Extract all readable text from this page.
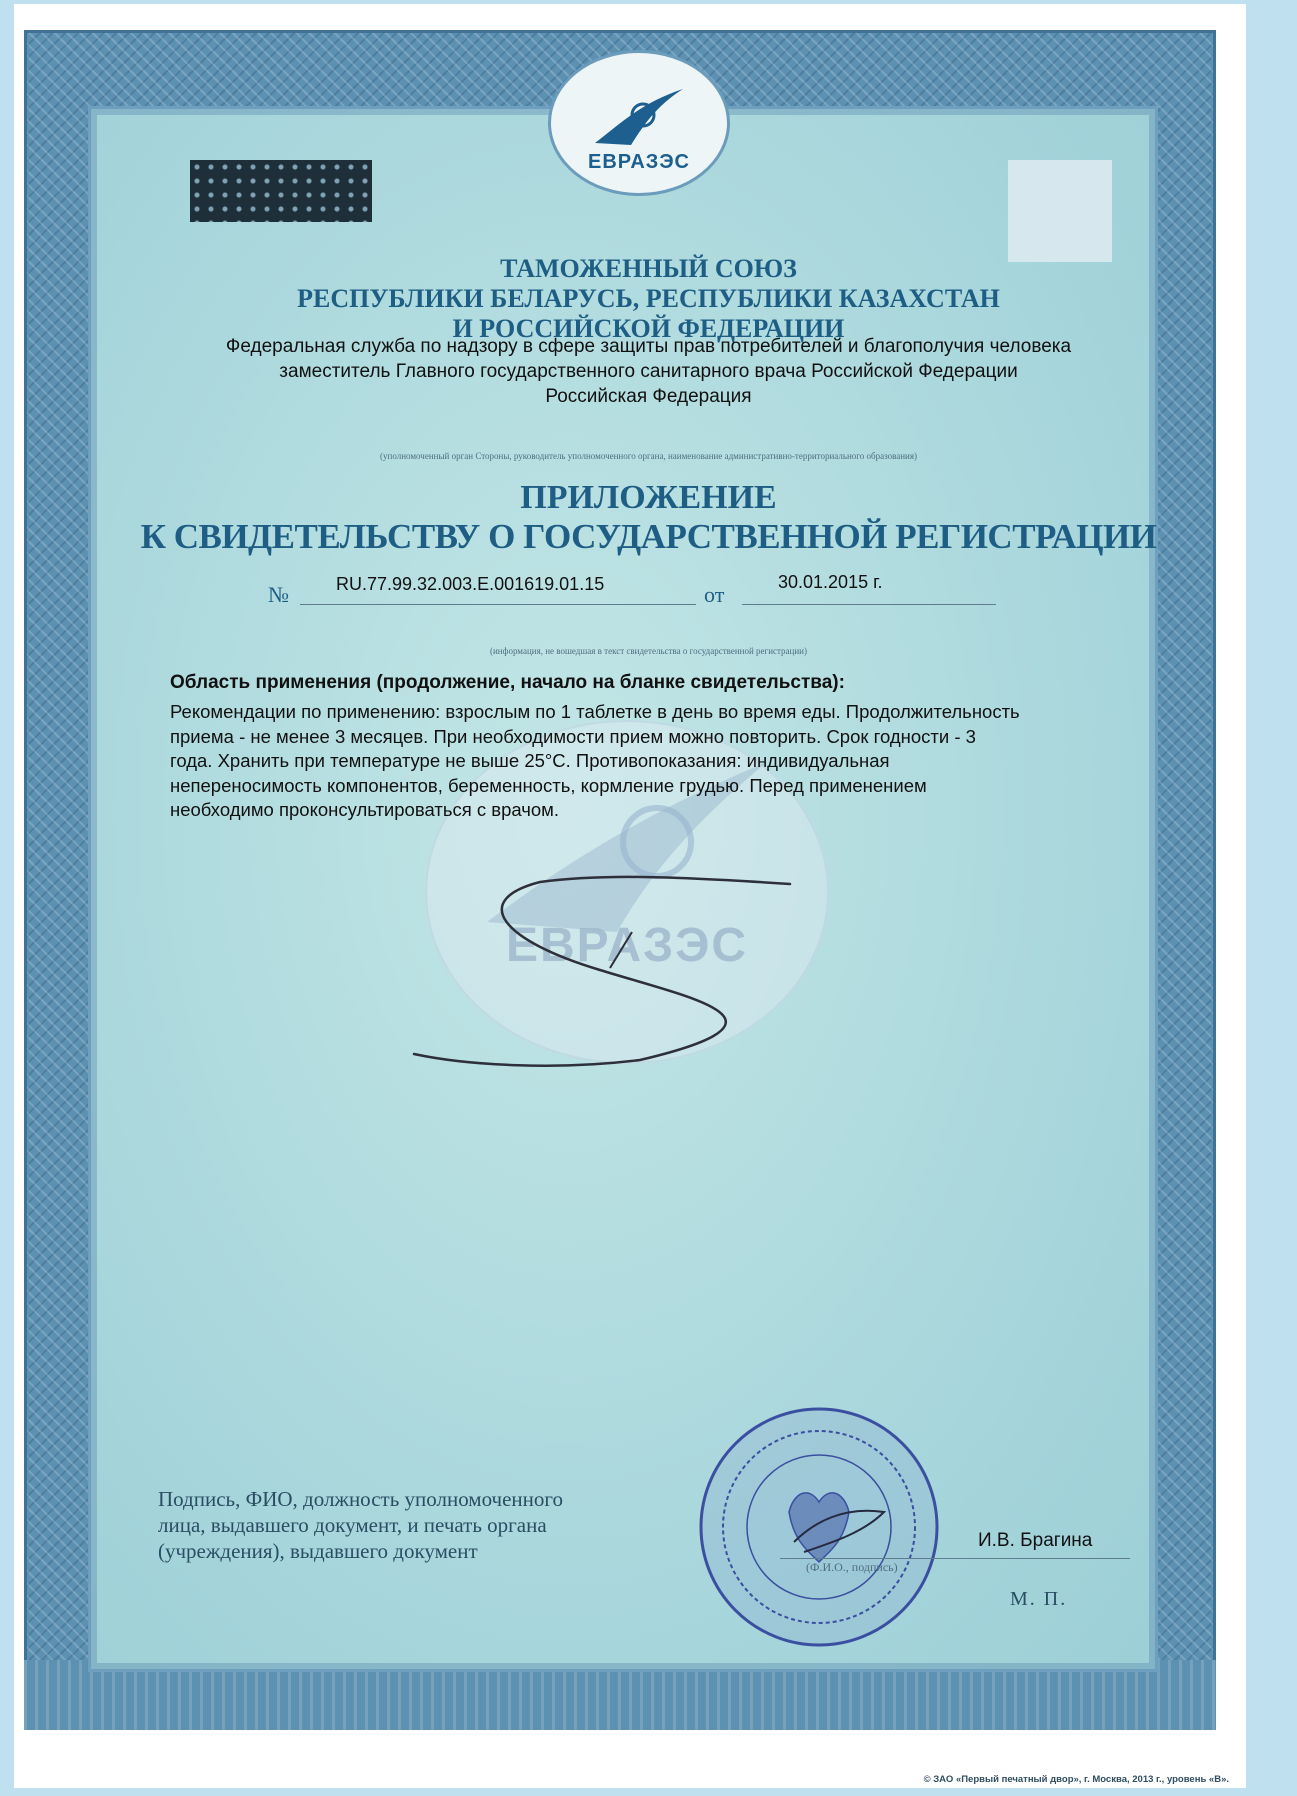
ЕВРАЗЭС
ТАМОЖЕННЫЙ СОЮЗ
РЕСПУБЛИКИ БЕЛАРУСЬ, РЕСПУБЛИКИ КАЗАХСТАН
И РОССИЙСКОЙ ФЕДЕРАЦИИ
Федеральная служба по надзору в сфере защиты прав потребителей и благополучия человека
заместитель Главного государственного санитарного врача Российской Федерации
Российская Федерация
(уполномоченный орган Стороны, руководитель уполномоченного органа, наименование административно-территориального образования)
ПРИЛОЖЕНИЕ
К СВИДЕТЕЛЬСТВУ О ГОСУДАРСТВЕННОЙ РЕГИСТРАЦИИ
№	RU.77.99.32.003.E.001619.01.15	от	30.01.2015 г.
(информация, не вошедшая в текст свидетельства о государственной регистрации)
ЕВРАЗЭС
Область применения (продолжение, начало на бланке свидетельства):
Рекомендации по применению: взрослым по 1 таблетке в день во время еды. Продолжительность
приема - не менее 3 месяцев. При необходимости прием можно повторить. Срок годности - 3
года. Хранить при температуре не выше 25°С. Противопоказания: индивидуальная
непереносимость компонентов, беременность, кормление грудью. Перед применением
необходимо проконсультироваться с врачом.
Подпись, ФИО, должность уполномоченного
лица, выдавшего документ, и печать органа
(учреждения), выдавшего документ	И.В. Брагина
(Ф.И.О., подпись)
М. П.
© ЗАО «Первый печатный двор», г. Москва, 2013 г., уровень «В».
